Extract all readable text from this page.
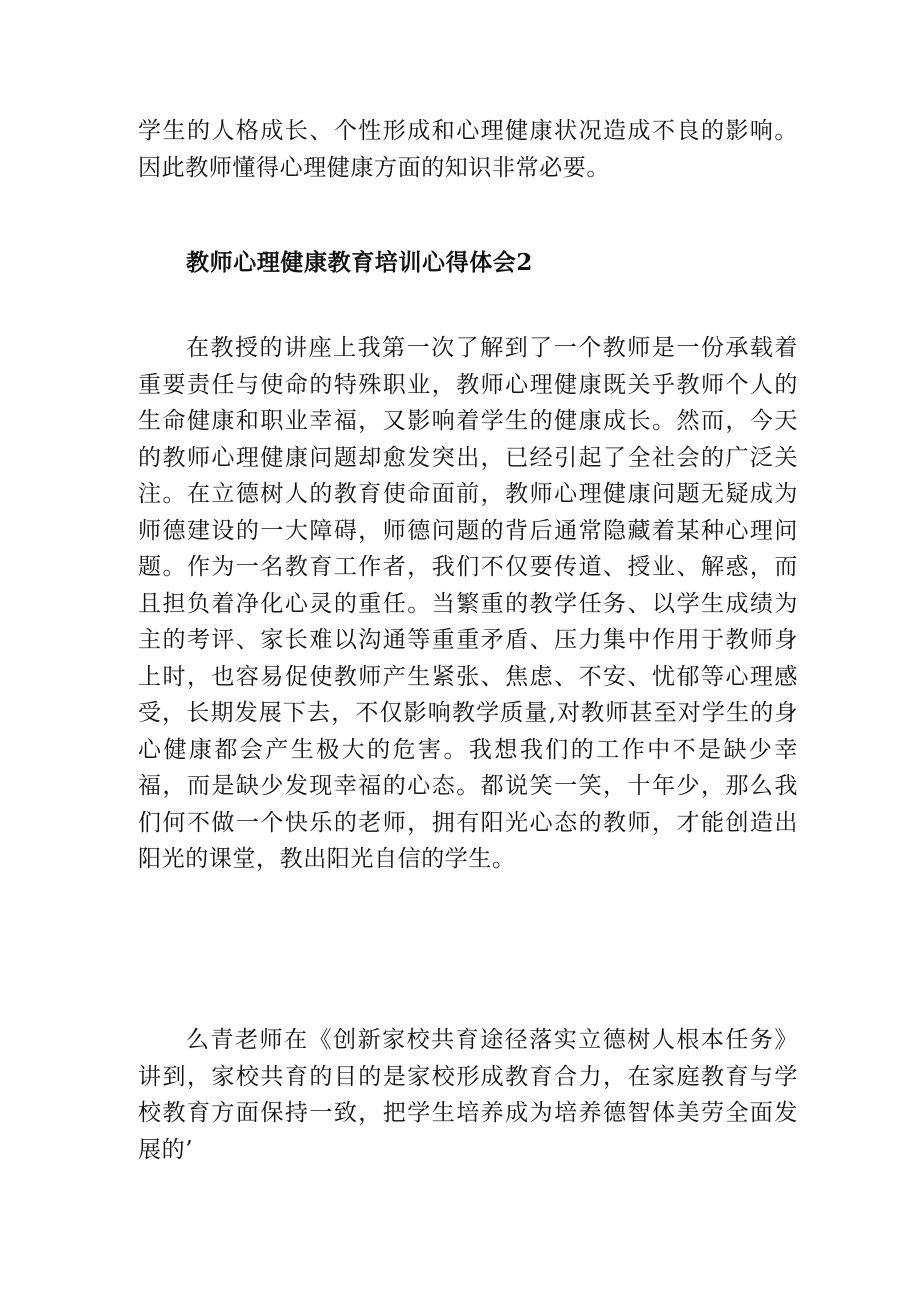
学生的人格成长、个性形成和心理健康状况造成不良的影响。因此教师懂得心理健康方面的知识非常必要。

教师心理健康教育培训心得体会2

在教授的讲座上我第一次了解到了一个教师是一份承载着重要责任与使命的特殊职业，教师心理健康既关乎教师个人的生命健康和职业幸福，又影响着学生的健康成长。然而，今天的教师心理健康问题却愈发突出，已经引起了全社会的广泛关注。在立德树人的教育使命面前，教师心理健康问题无疑成为师德建设的一大障碍，师德问题的背后通常隐藏着某种心理问题。作为一名教育工作者，我们不仅要传道、授业、解惑，而且担负着净化心灵的重任。当繁重的教学任务、以学生成绩为主的考评、家长难以沟通等重重矛盾、压力集中作用于教师身上时，也容易促使教师产生紧张、焦虑、不安、忧郁等心理感受，长期发展下去，不仅影响教学质量,对教师甚至对学生的身心健康都会产生极大的危害。我想我们的工作中不是缺少幸福，而是缺少发现幸福的心态。都说笑一笑，十年少，那么我们何不做一个快乐的老师，拥有阳光心态的教师，才能创造出阳光的课堂，教出阳光自信的学生。

么青老师在《创新家校共育途径落实立德树人根本任务》讲到，家校共育的目的是家校形成教育合力，在家庭教育与学校教育方面保持一致，把学生培养成为培养德智体美劳全面发展的’
